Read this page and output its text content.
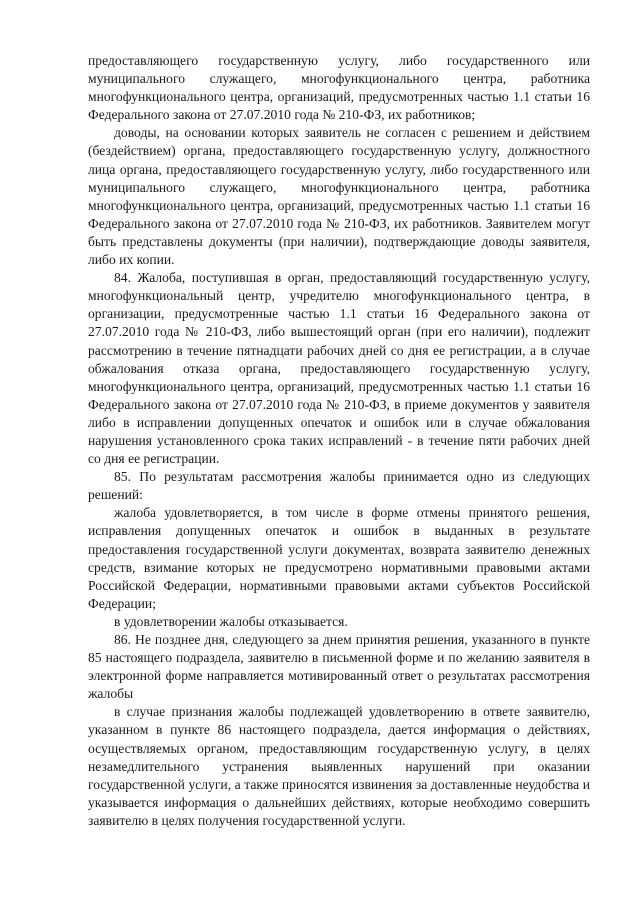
предоставляющего государственную услугу, либо государственного или муниципального служащего, многофункционального центра, работника многофункционального центра, организаций, предусмотренных частью 1.1 статьи 16 Федерального закона от 27.07.2010 года № 210-ФЗ, их работников;

доводы, на основании которых заявитель не согласен с решением и действием (бездействием) органа, предоставляющего государственную услугу, должностного лица органа, предоставляющего государственную услугу, либо государственного или муниципального служащего, многофункционального центра, работника многофункционального центра, организаций, предусмотренных частью 1.1 статьи 16 Федерального закона от 27.07.2010 года № 210-ФЗ, их работников. Заявителем могут быть представлены документы (при наличии), подтверждающие доводы заявителя, либо их копии.

84. Жалоба, поступившая в орган, предоставляющий государственную услугу, многофункциональный центр, учредителю многофункционального центра, в организации, предусмотренные частью 1.1 статьи 16 Федерального закона от 27.07.2010 года № 210-ФЗ, либо вышестоящий орган (при его наличии), подлежит рассмотрению в течение пятнадцати рабочих дней со дня ее регистрации, а в случае обжалования отказа органа, предоставляющего государственную услугу, многофункционального центра, организаций, предусмотренных частью 1.1 статьи 16 Федерального закона от 27.07.2010 года № 210-ФЗ, в приеме документов у заявителя либо в исправлении допущенных опечаток и ошибок или в случае обжалования нарушения установленного срока таких исправлений - в течение пяти рабочих дней со дня ее регистрации.

85. По результатам рассмотрения жалобы принимается одно из следующих решений:

жалоба удовлетворяется, в том числе в форме отмены принятого решения, исправления допущенных опечаток и ошибок в выданных в результате предоставления государственной услуги документах, возврата заявителю денежных средств, взимание которых не предусмотрено нормативными правовыми актами Российской Федерации, нормативными правовыми актами субъектов Российской Федерации;

в удовлетворении жалобы отказывается.

86. Не позднее дня, следующего за днем принятия решения, указанного в пункте 85 настоящего подраздела, заявителю в письменной форме и по желанию заявителя в электронной форме направляется мотивированный ответ о результатах рассмотрения жалобы

в случае признания жалобы подлежащей удовлетворению в ответе заявителю, указанном в пункте 86 настоящего подраздела, дается информация о действиях, осуществляемых органом, предоставляющим государственную услугу, в целях незамедлительного устранения выявленных нарушений при оказании государственной услуги, а также приносятся извинения за доставленные неудобства и указывается информация о дальнейших действиях, которые необходимо совершить заявителю в целях получения государственной услуги.
